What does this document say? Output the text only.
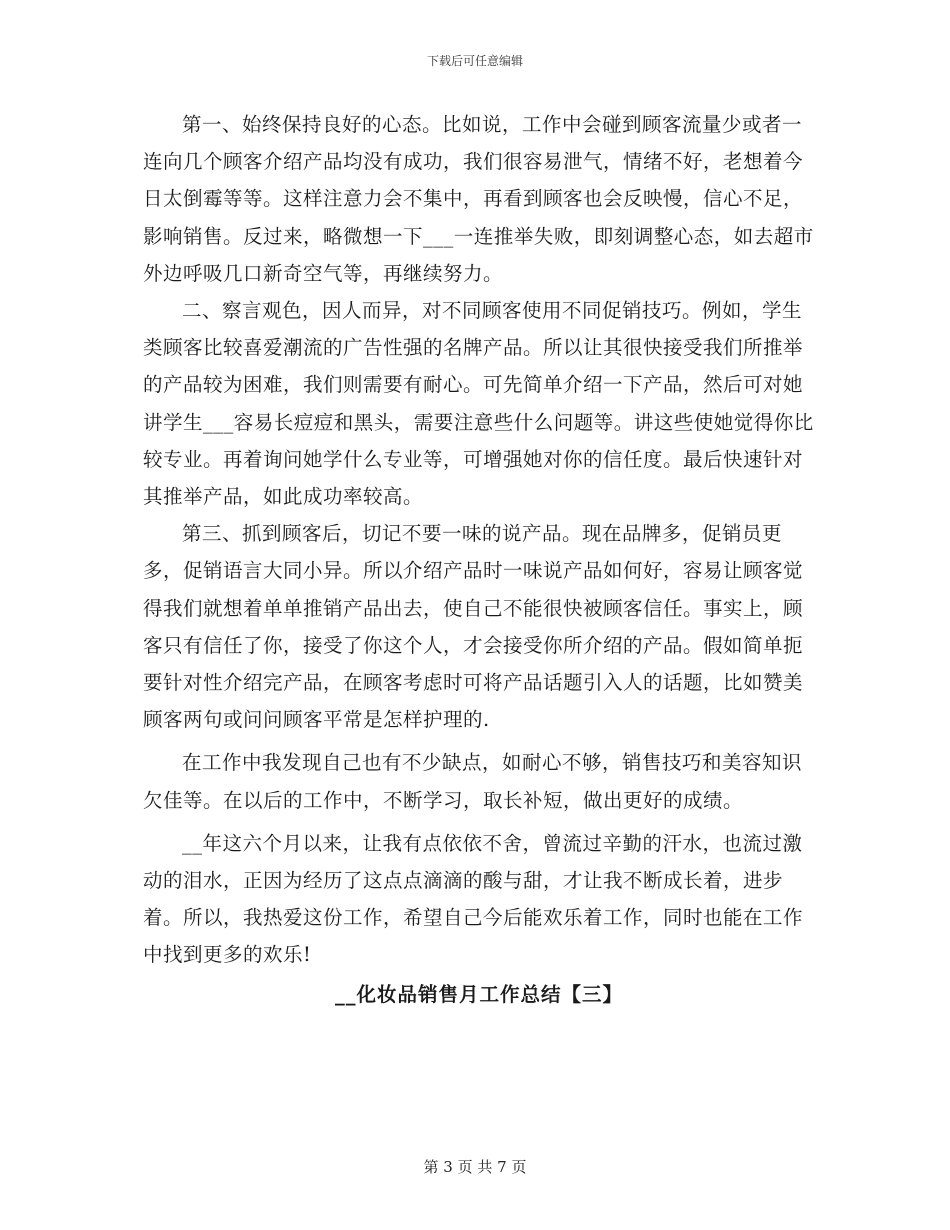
下载后可任意编辑

第一、始终保持良好的心态。比如说，工作中会碰到顾客流量少或者一连向几个顾客介绍产品均没有成功，我们很容易泄气，情绪不好，老想着今日太倒霉等等。这样注意力会不集中，再看到顾客也会反映慢，信心不足，影响销售。反过来，略微想一下___一连推举失败，即刻调整心态，如去超市外边呼吸几口新奇空气等，再继续努力。

二、察言观色，因人而异，对不同顾客使用不同促销技巧。例如，学生类顾客比较喜爱潮流的广告性强的名牌产品。所以让其很快接受我们所推举的产品较为困难，我们则需要有耐心。可先简单介绍一下产品，然后可对她讲学生___容易长痘痘和黑头，需要注意些什么问题等。讲这些使她觉得你比较专业。再着询问她学什么专业等，可增强她对你的信任度。最后快速针对其推举产品，如此成功率较高。

第三、抓到顾客后，切记不要一味的说产品。现在品牌多，促销员更多，促销语言大同小异。所以介绍产品时一味说产品如何好，容易让顾客觉得我们就想着单单推销产品出去，使自己不能很快被顾客信任。事实上，顾客只有信任了你，接受了你这个人，才会接受你所介绍的产品。假如简单扼要针对性介绍完产品，在顾客考虑时可将产品话题引入人的话题，比如赞美顾客两句或问问顾客平常是怎样护理的.

在工作中我发现自己也有不少缺点，如耐心不够，销售技巧和美容知识欠佳等。在以后的工作中，不断学习，取长补短，做出更好的成绩。

__年这六个月以来，让我有点依依不舍，曾流过辛勤的汗水，也流过激动的泪水，正因为经历了这点点滴滴的酸与甜，才让我不断成长着，进步着。所以，我热爱这份工作，希望自己今后能欢乐着工作，同时也能在工作中找到更多的欢乐!

__化妆品销售月工作总结【三】
第 3 页 共 7 页
